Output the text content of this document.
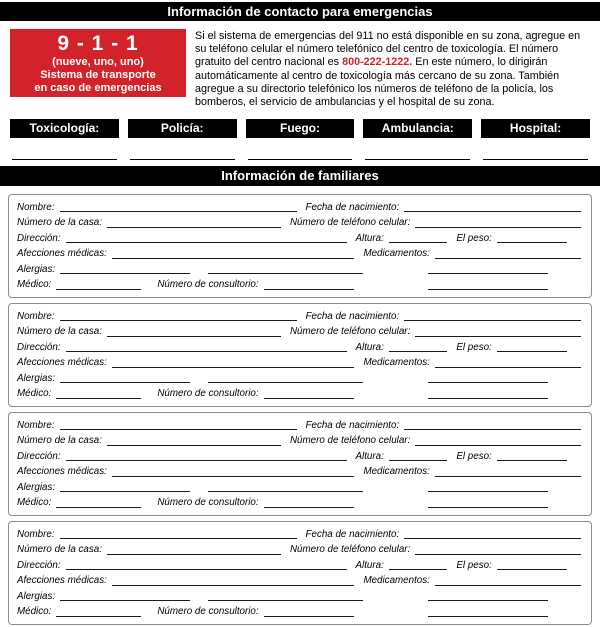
Información de contacto para emergencias
9 - 1 - 1
(nueve, uno, uno)
Sistema de transporte
en caso de emergencias
Si el sistema de emergencias del 911 no está disponible en su zona, agregue en su teléfono celular el número telefónico del centro de toxicología. El número gratuito del centro nacional es 800-222-1222. En este número, lo dirigirán automáticamente al centro de toxicología más cercano de su zona. También agregue a su directorio telefónico los números de teléfono de la policía, los bomberos, el servicio de ambulancias y el hospital de su zona.
Toxicología:	Policía:	Fuego:	Ambulancia:	Hospital:
Información de familiares
Nombre:	Fecha de nacimiento:
Número de la casa:	Número de teléfono celular:
Dirección:	Altura:	El peso:
Afecciones médicas:	Medicamentos:
Alergias:
Médico:	Número de consultorio:
Nombre:	Fecha de nacimiento:
Número de la casa:	Número de teléfono celular:
Dirección:	Altura:	El peso:
Afecciones médicas:	Medicamentos:
Alergias:
Médico:	Número de consultorio:
Nombre:	Fecha de nacimiento:
Número de la casa:	Número de teléfono celular:
Dirección:	Altura:	El peso:
Afecciones médicas:	Medicamentos:
Alergias:
Médico:	Número de consultorio:
Nombre:	Fecha de nacimiento:
Número de la casa:	Número de teléfono celular:
Dirección:	Altura:	El peso:
Afecciones médicas:	Medicamentos:
Alergias:
Médico:	Número de consultorio:
